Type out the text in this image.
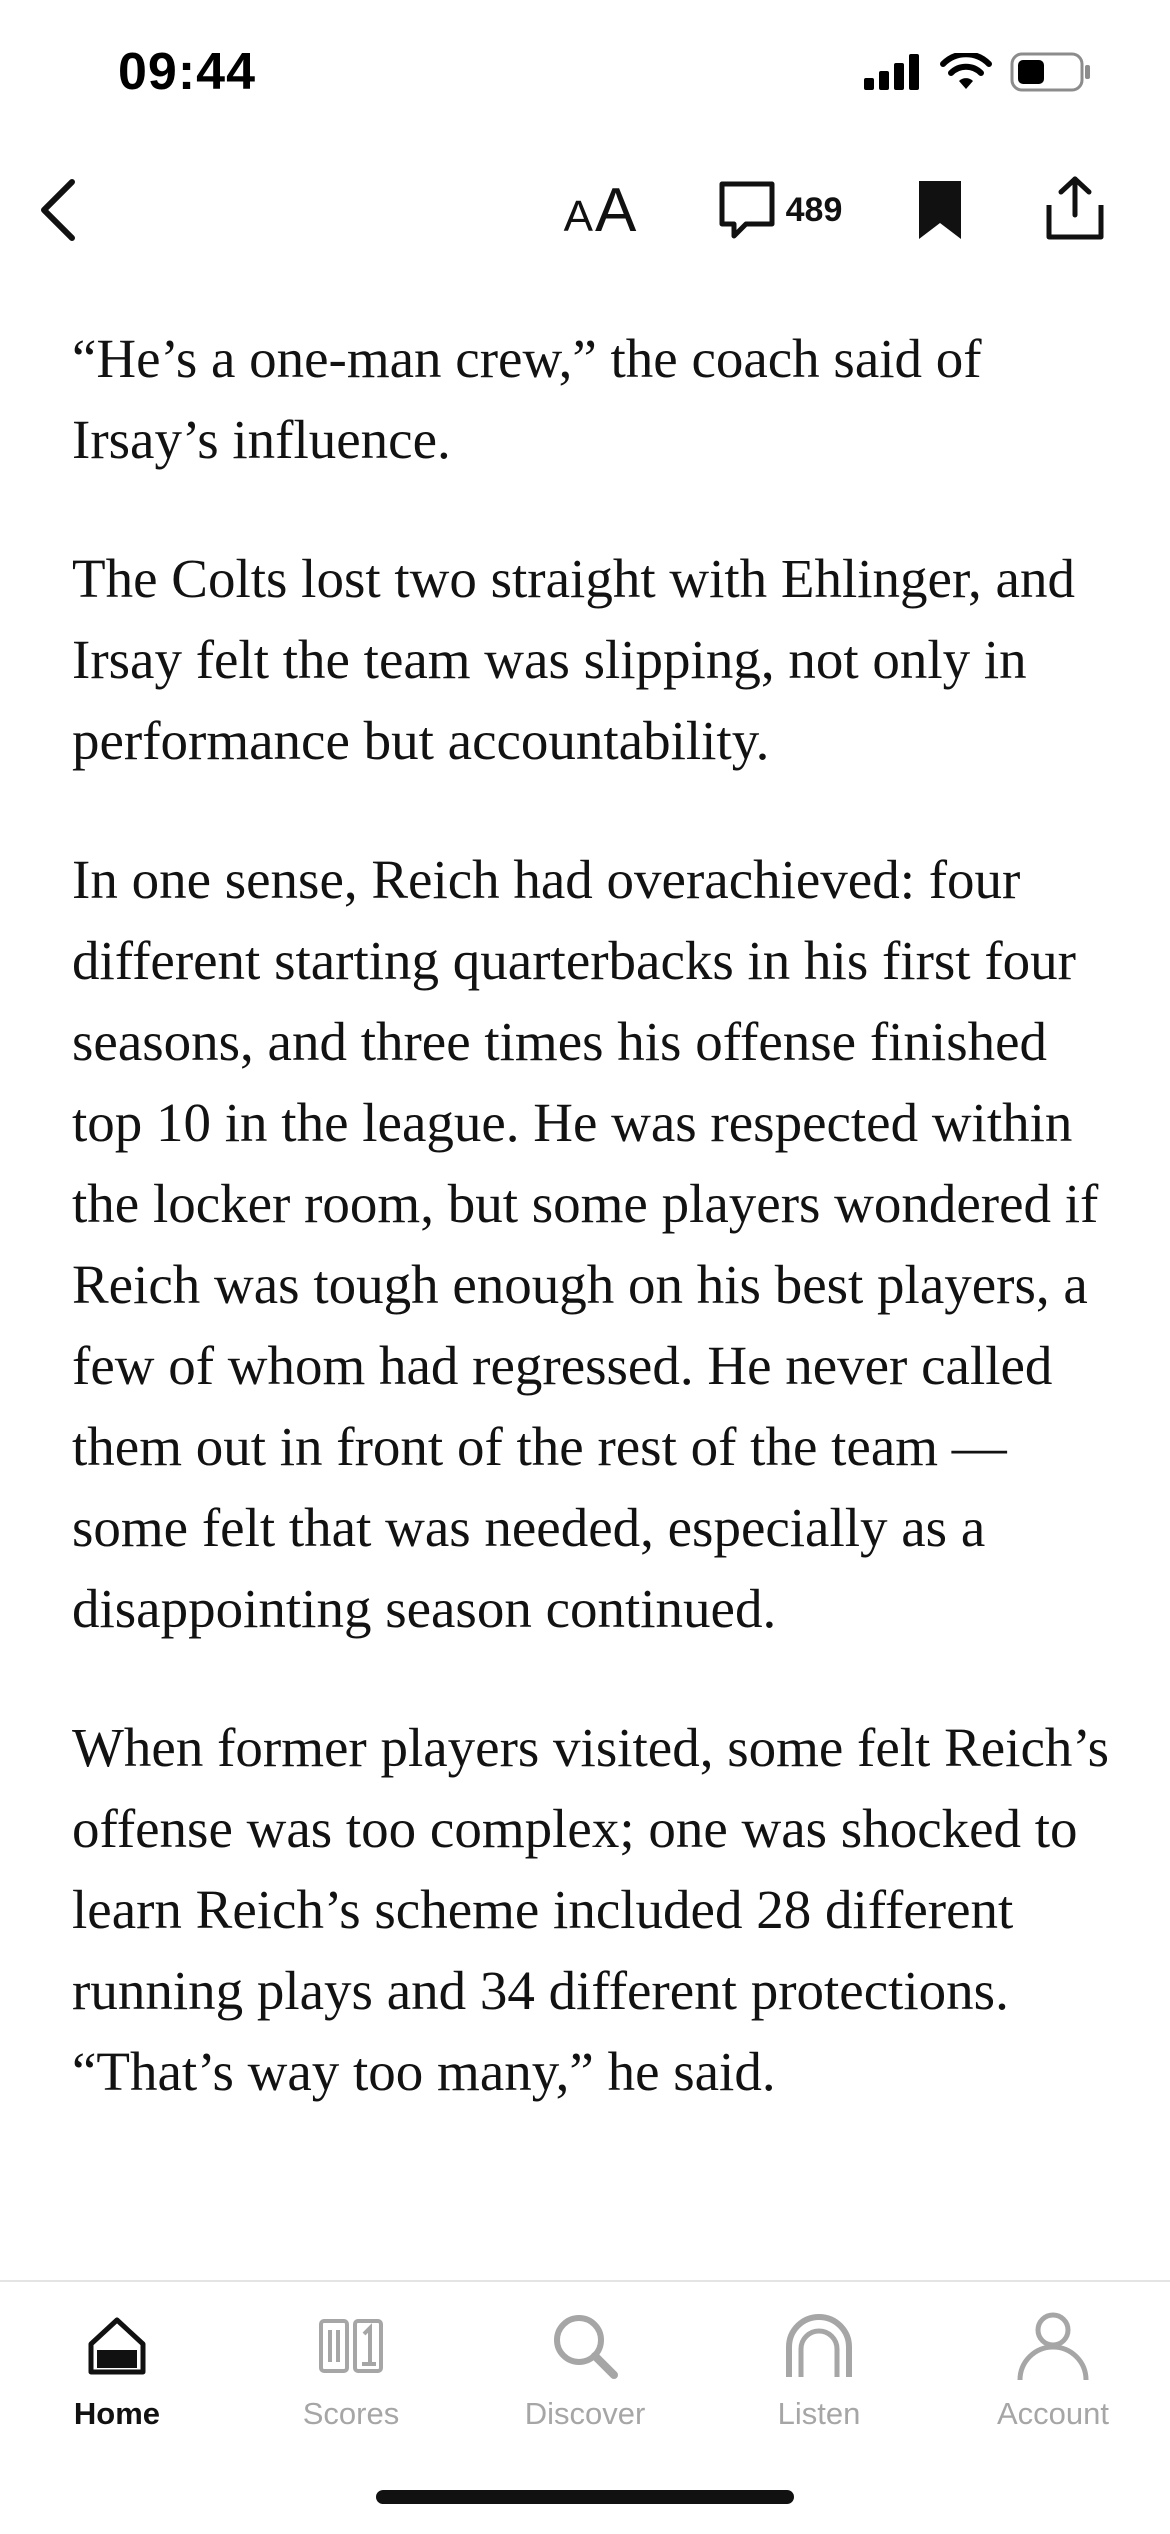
09:44
A A	489

“He’s a one-man crew,” the coach said of Irsay’s influence.

The Colts lost two straight with Ehlinger, and Irsay felt the team was slipping, not only in performance but accountability.

In one sense, Reich had overachieved: four different starting quarterbacks in his first four seasons, and three times his offense finished top 10 in the league. He was respected within the locker room, but some players wondered if Reich was tough enough on his best players, a few of whom had regressed. He never called them out in front of the rest of the team — some felt that was needed, especially as a disappointing season continued.

When former players visited, some felt Reich’s offense was too complex; one was shocked to learn Reich’s scheme included 28 different running plays and 34 different protections. “That’s way too many,” he said.

Home	Scores	Discover	Listen	Account
